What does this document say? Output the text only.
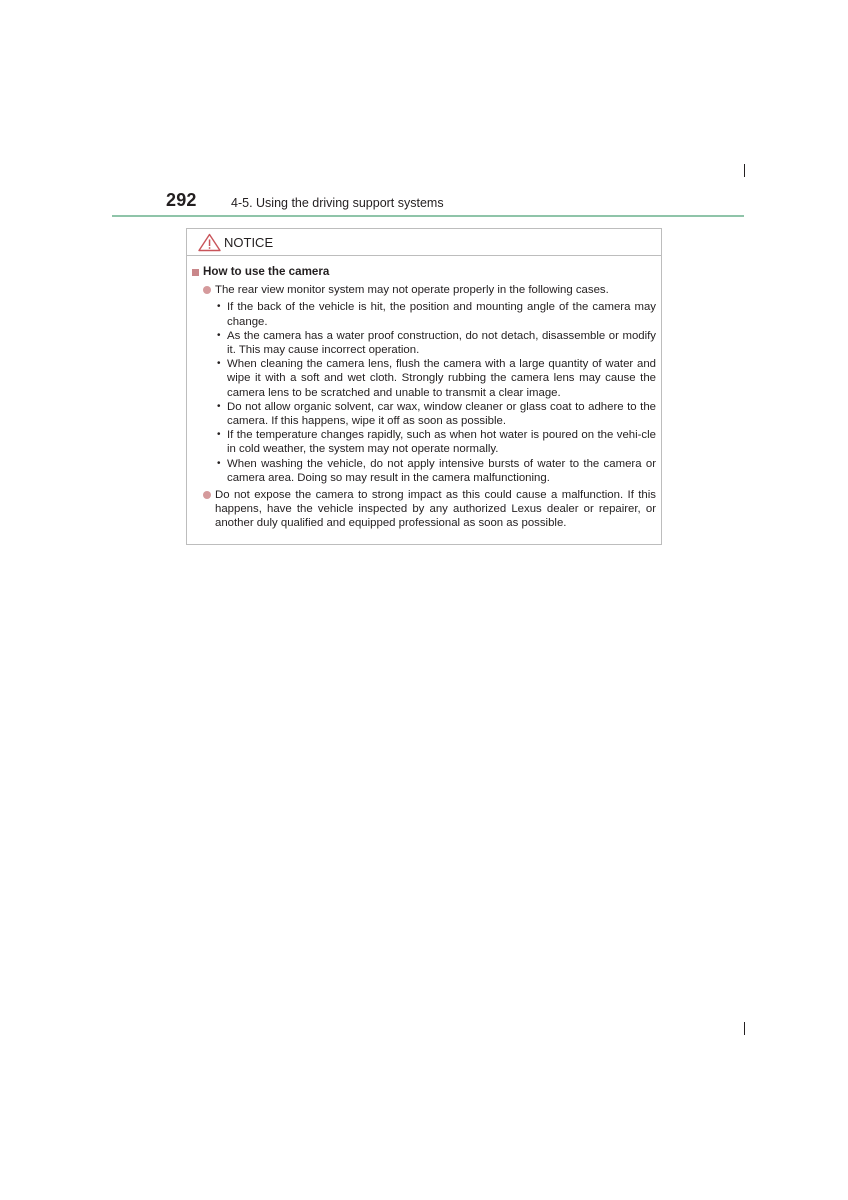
292	4-5. Using the driving support systems
NOTICE
How to use the camera
The rear view monitor system may not operate properly in the following cases.
• If the back of the vehicle is hit, the position and mounting angle of the camera may change.
• As the camera has a water proof construction, do not detach, disassemble or modify it. This may cause incorrect operation.
• When cleaning the camera lens, flush the camera with a large quantity of water and wipe it with a soft and wet cloth. Strongly rubbing the camera lens may cause the camera lens to be scratched and unable to transmit a clear image.
• Do not allow organic solvent, car wax, window cleaner or glass coat to adhere to the camera. If this happens, wipe it off as soon as possible.
• If the temperature changes rapidly, such as when hot water is poured on the vehi-cle in cold weather, the system may not operate normally.
• When washing the vehicle, do not apply intensive bursts of water to the camera or camera area. Doing so may result in the camera malfunctioning.
Do not expose the camera to strong impact as this could cause a malfunction. If this happens, have the vehicle inspected by any authorized Lexus dealer or repairer, or another duly qualified and equipped professional as soon as possible.
